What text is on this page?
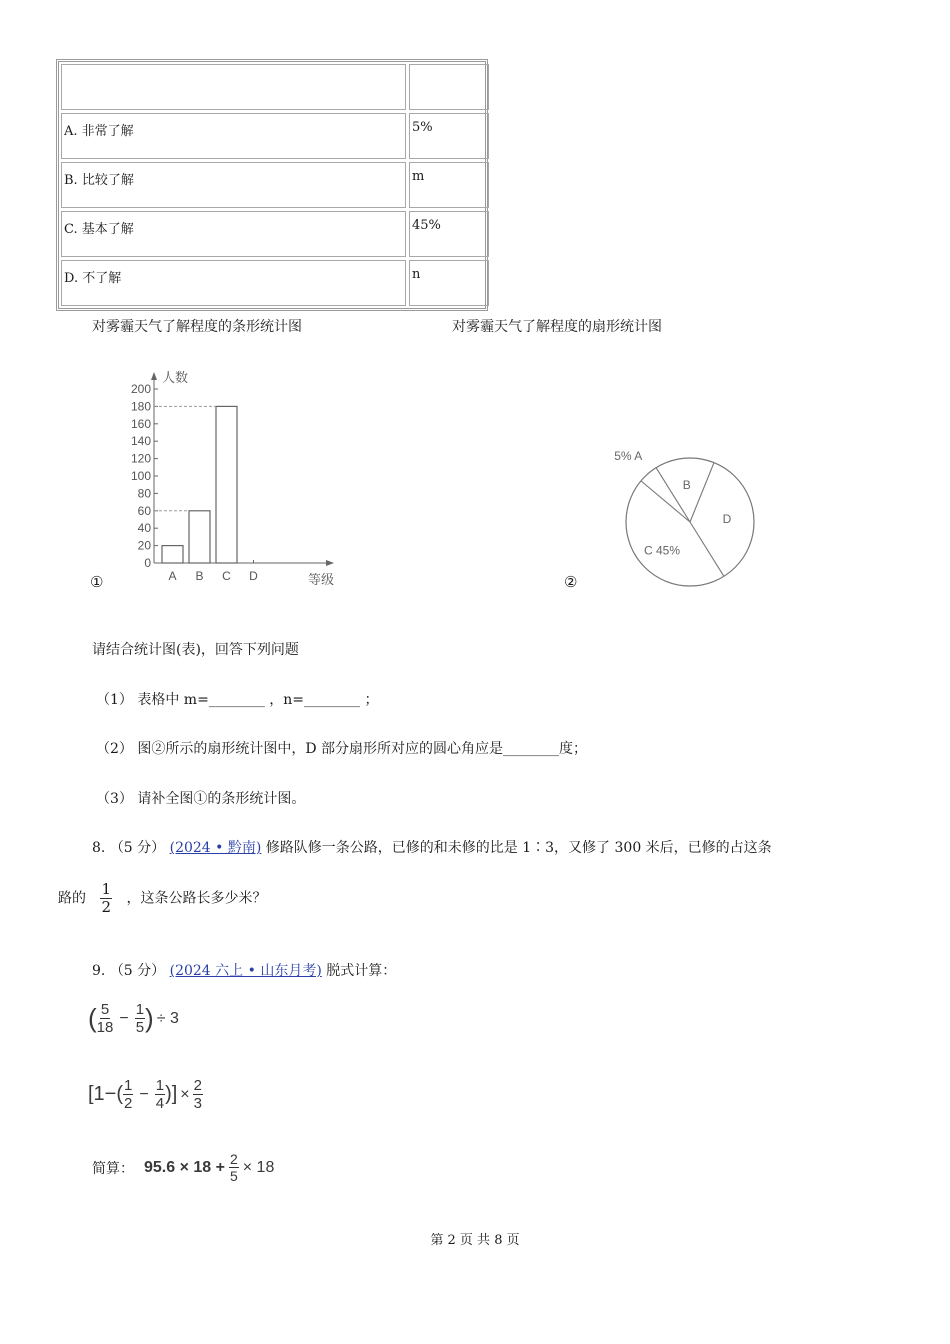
A. 非常了解	5%
B. 比较了解	m
C. 基本了解	45%
D. 不了解	n
对雾霾天气了解程度的条形统计图	对雾霾天气了解程度的扇形统计图
人数
等级
0
20
40
60
80
100
120
140
160
180
200
A B C D
①
5% A
B
D
C 45%
②
请结合统计图(表)，回答下列问题
（1） 表格中 m=________ ，n=________ ；
（2） 图②所示的扇形统计图中，D 部分扇形所对应的圆心角应是________度；
（3） 请补全图①的条形统计图。
8. （5 分） (2024 • 黔南) 修路队修一条公路，已修的和未修的比是 1∶3，又修了 300 米后，已修的占这条
路的 $\frac{1}{2}$ ，这条公路长多少米？
9. （5 分） (2024 六上 • 山东月考) 脱式计算：
( $\frac{5}{18} - \frac{1}{5}$ ) ÷ 3
[$1-( \frac{1}{2} - \frac{1}{4}$ )] × $\frac{2}{3}$
简算： $95.6 \times 18 + \frac{2}{5} \times 18$
第 2 页 共 8 页
